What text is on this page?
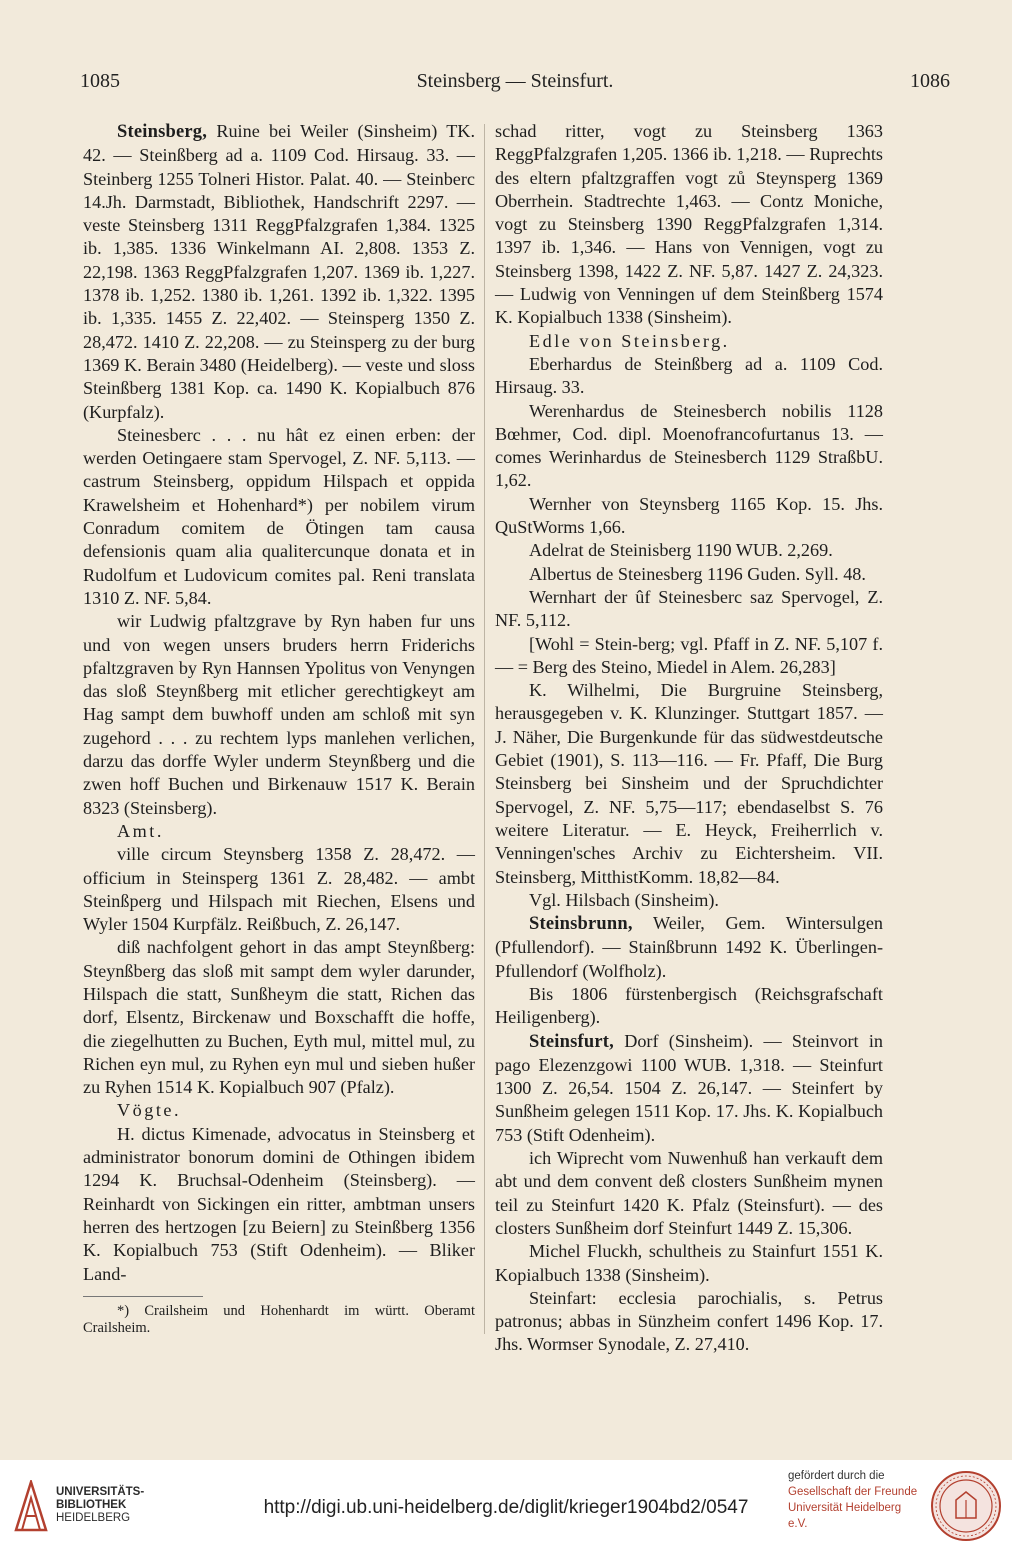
1085	Steinsberg — Steinsfurt.	1086

Steinsberg, Ruine bei Weiler (Sinsheim) TK. 42. — Steinßberg ad a. 1109 Cod. Hirsaug. 33. — Steinberg 1255 Tolneri Histor. Palat. 40. — Steinberc 14.Jh. Darmstadt, Bibliothek, Handschrift 2297. — veste Steinsberg 1311 ReggPfalzgrafen 1,384. 1325 ib. 1,385. 1336 Winkelmann AI. 2,808. 1353 Z. 22,198. 1363 ReggPfalzgrafen 1,207. 1369 ib. 1,227. 1378 ib. 1,252. 1380 ib. 1,261. 1392 ib. 1,322. 1395 ib. 1,335. 1455 Z. 22,402. — Steinsperg 1350 Z. 28,472. 1410 Z. 22,208. — zu Steinsperg zu der burg 1369 K. Berain 3480 (Heidelberg). — veste und sloss Steinßberg 1381 Kop. ca. 1490 K. Kopialbuch 876 (Kurpfalz).

Steinesberc . . . nu hât ez einen erben: der werden Oetingaere stam Spervogel, Z. NF. 5,113. — castrum Steinsberg, oppidum Hilspach et oppida Krawelsheim et Hohenhard*) per nobilem virum Conradum comitem de Ötingen tam causa defensionis quam alia qualitercunque donata et in Rudolfum et Ludovicum comites pal. Reni translata 1310 Z. NF. 5,84.

wir Ludwig pfaltzgrave by Ryn haben fur uns und von wegen unsers bruders herrn Friderichs pfaltzgraven by Ryn Hannsen Ypolitus von Venyngen das sloß Steynßberg mit etlicher gerechtigkeyt am Hag sampt dem buwhoff unden am schloß mit syn zugehord . . . zu rechtem lyps manlehen verlichen, darzu das dorffe Wyler underm Steynßberg und die zwen hoff Buchen und Birkenauw 1517 K. Berain 8323 (Steinsberg).

Amt.

ville circum Steynsberg 1358 Z. 28,472. — officium in Steinsperg 1361 Z. 28,482. — ambt Steinßperg und Hilspach mit Riechen, Elsens und Wyler 1504 Kurpfälz. Reißbuch, Z. 26,147.

diß nachfolgent gehort in das ampt Steynßberg: Steynßberg das sloß mit sampt dem wyler darunder, Hilspach die statt, Sunßheym die statt, Richen das dorf, Elsentz, Birckenaw und Boxschafft die hoffe, die ziegelhutten zu Buchen, Eyth mul, mittel mul, zu Richen eyn mul, zu Ryhen eyn mul und sieben hußer zu Ryhen 1514 K. Kopialbuch 907 (Pfalz).

Vögte.

H. dictus Kimenade, advocatus in Steinsberg et administrator bonorum domini de Othingen ibidem 1294 K. Bruchsal-Odenheim (Steinsberg). — Reinhardt von Sickingen ein ritter, ambtman unsers herren des hertzogen [zu Beiern] zu Steinßberg 1356 K. Kopialbuch 753 (Stift Odenheim). — Bliker Land-

*) Crailsheim und Hohenhardt im württ. Oberamt Crailsheim.

schad ritter, vogt zu Steinsberg 1363 ReggPfalzgrafen 1,205. 1366 ib. 1,218. — Ruprechts des eltern pfaltzgraffen vogt zů Steynsperg 1369 Oberrhein. Stadtrechte 1,463. — Contz Moniche, vogt zu Steinsberg 1390 ReggPfalzgrafen 1,314. 1397 ib. 1,346. — Hans von Vennigen, vogt zu Steinsberg 1398, 1422 Z. NF. 5,87. 1427 Z. 24,323. — Ludwig von Venningen uf dem Steinßberg 1574 K. Kopialbuch 1338 (Sinsheim).

Edle von Steinsberg.

Eberhardus de Steinßberg ad a. 1109 Cod. Hirsaug. 33.

Werenhardus de Steinesberch nobilis 1128 Bœhmer, Cod. dipl. Moenofrancofurtanus 13. — comes Werinhardus de Steinesberch 1129 StraßbU. 1,62.

Wernher von Steynsberg 1165 Kop. 15. Jhs. QuStWorms 1,66.

Adelrat de Steinisberg 1190 WUB. 2,269.

Albertus de Steinesberg 1196 Guden. Syll. 48.

Wernhart der ûf Steinesberc saz Spervogel, Z. NF. 5,112.

[Wohl = Stein-berg; vgl. Pfaff in Z. NF. 5,107 f. — = Berg des Steino, Miedel in Alem. 26,283]

K. Wilhelmi, Die Burgruine Steinsberg, herausgegeben v. K. Klunzinger. Stuttgart 1857. — J. Näher, Die Burgenkunde für das südwestdeutsche Gebiet (1901), S. 113—116. — Fr. Pfaff, Die Burg Steinsberg bei Sinsheim und der Spruchdichter Spervogel, Z. NF. 5,75—117; ebendaselbst S. 76 weitere Literatur. — E. Heyck, Freiherrlich v. Venningen'sches Archiv zu Eichtersheim. VII. Steinsberg, MitthistKomm. 18,82—84.

Vgl. Hilsbach (Sinsheim).

Steinsbrunn, Weiler, Gem. Wintersulgen (Pfullendorf). — Stainßbrunn 1492 K. Überlingen-Pfullendorf (Wolfholz).

Bis 1806 fürstenbergisch (Reichsgrafschaft Heiligenberg).

Steinsfurt, Dorf (Sinsheim). — Steinvort in pago Elezenzgowi 1100 WUB. 1,318. — Steinfurt 1300 Z. 26,54. 1504 Z. 26,147. — Steinfert by Sunßheim gelegen 1511 Kop. 17. Jhs. K. Kopialbuch 753 (Stift Odenheim).

ich Wiprecht vom Nuwenhuß han verkauft dem abt und dem convent deß closters Sunßheim mynen teil zu Steinfurt 1420 K. Pfalz (Steinsfurt). — des closters Sunßheim dorf Steinfurt 1449 Z. 15,306.

Michel Fluckh, schultheis zu Stainfurt 1551 K. Kopialbuch 1338 (Sinsheim).

Steinfart: ecclesia parochialis, s. Petrus patronus; abbas in Sünzheim confert 1496 Kop. 17. Jhs. Wormser Synodale, Z. 27,410.

UNIVERSITÄTS-
BIBLIOTHEK
HEIDELBERG	http://digi.ub.uni-heidelberg.de/diglit/krieger1904bd2/0547
gefördert durch die
Gesellschaft der Freunde
Universität Heidelberg e.V.
